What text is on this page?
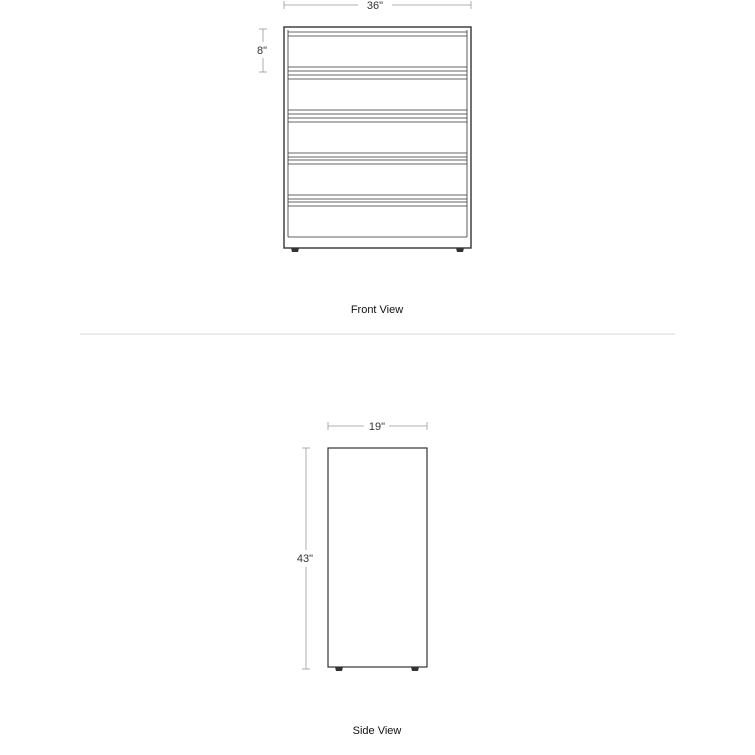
36"
8"
Front View
19"
43"
Side View
